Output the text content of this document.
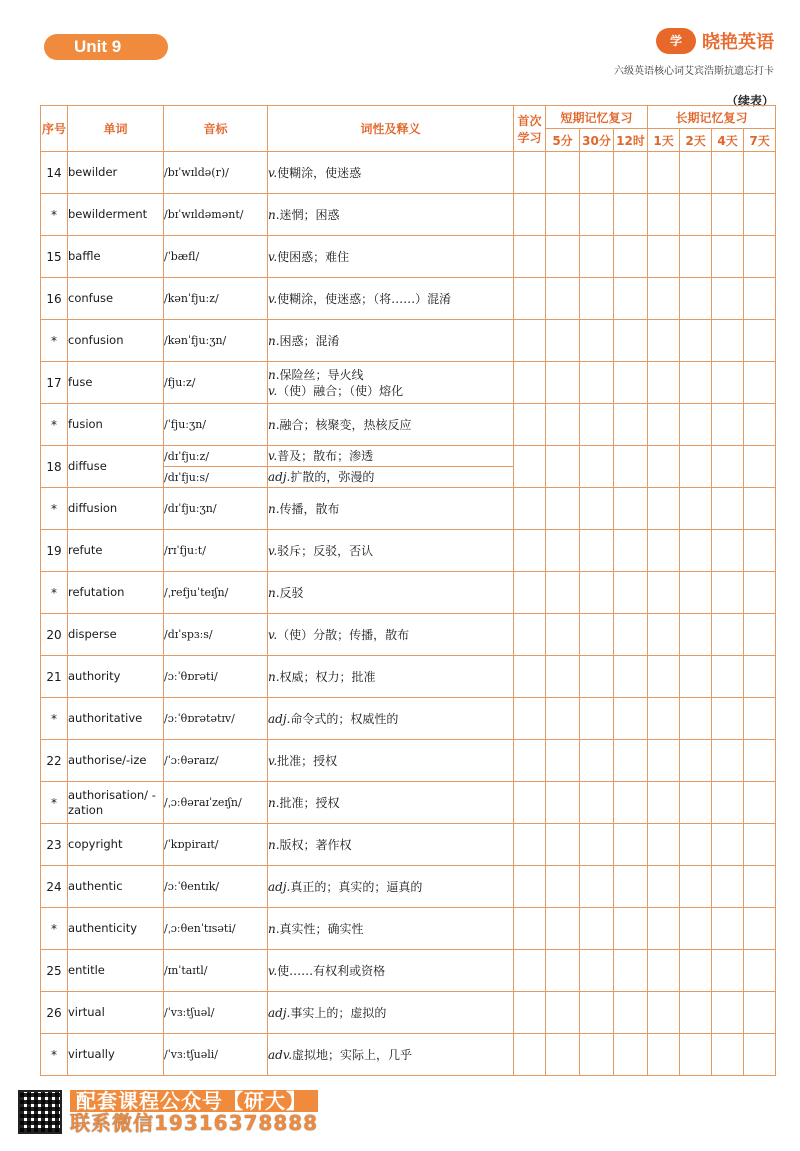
Unit 9	学	晓艳英语
六级英语核心词艾宾浩斯抗遗忘打卡
（续表）
序号	单词	音标	词性及释义	首次学习	短期记忆复习			长期记忆复习			
					5分	30分	12时	1天	2天	4天	7天
14	bewilder	/bɪˈwɪldə(r)/	v.使糊涂，使迷惑								
*	bewilderment	/bɪˈwɪldəmənt/	n.迷惘；困惑								
15	baffle	/ˈbæfl/	v.使困惑；难住								
16	confuse	/kənˈfjuːz/	v.使糊涂，使迷惑；（将……）混淆								
*	confusion	/kənˈfjuːʒn/	n.困惑；混淆								
17	fuse	/fjuːz/	n.保险丝；导火线
v.（使）融合；（使）熔化								
*	fusion	/ˈfjuːʒn/	n.融合；核聚变，热核反应								
18	diffuse	/dɪˈfjuːz/	v.普及；散布；渗透								
		/dɪˈfjuːs/	adj.扩散的，弥漫的								
*	diffusion	/dɪˈfjuːʒn/	n.传播，散布								
19	refute	/rɪˈfjuːt/	v.驳斥；反驳，否认								
*	refutation	/ˌrefjuˈteɪʃn/	n.反驳								
20	disperse	/dɪˈspɜːs/	v.（使）分散；传播，散布								
21	authority	/ɔːˈθɒrəti/	n.权威；权力；批准								
*	authoritative	/ɔːˈθɒrətətɪv/	adj.命令式的；权威性的								
22	authorise/-ize	/ˈɔːθəraɪz/	v.批准；授权								
*	authorisation/ -zation	/ˌɔːθəraɪˈzeɪʃn/	n.批准；授权								
23	copyright	/ˈkɒpiraɪt/	n.版权；著作权								
24	authentic	/ɔːˈθentɪk/	adj.真正的；真实的；逼真的								
*	authenticity	/ˌɔːθenˈtɪsəti/	n.真实性；确实性								
25	entitle	/ɪnˈtaɪtl/	v.使……有权利或资格								
26	virtual	/ˈvɜːtʃuəl/	adj.事实上的；虚拟的								
*	virtually	/ˈvɜːtʃuəli/	adv.虚拟地；实际上，几乎								
配套课程公众号【研大】
联系微信19316378888
